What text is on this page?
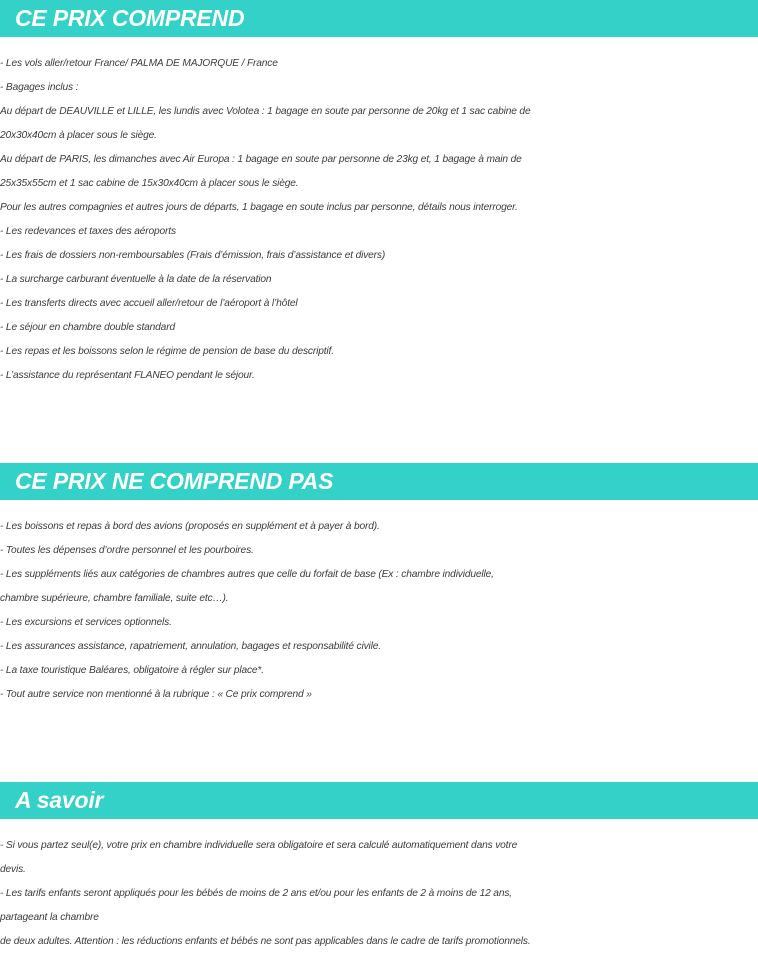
CE PRIX COMPREND
- Les vols aller/retour France/ PALMA DE MAJORQUE / France
- Bagages inclus :
Au départ de DEAUVILLE et LILLE, les lundis avec Volotea : 1 bagage en soute par personne de 20kg et 1 sac cabine de
20x30x40cm à placer sous le siège.
Au départ de PARIS, les dimanches avec Air Europa : 1 bagage en soute par personne de 23kg et, 1 bagage à main de
25x35x55cm et 1 sac cabine de 15x30x40cm à placer sous le siège.
Pour les autres compagnies et autres jours de départs, 1 bagage en soute inclus par personne, détails nous interroger.
- Les redevances et taxes des aéroports
- Les frais de dossiers non-remboursables (Frais d’émission, frais d’assistance et divers)
- La surcharge carburant éventuelle à la date de la réservation
- Les transferts directs avec accueil aller/retour de l’aéroport à l’hôtel
- Le séjour en chambre double standard
- Les repas et les boissons selon le régime de pension de base du descriptif.
- L’assistance du représentant FLANEO pendant le séjour.
CE PRIX NE COMPREND PAS
- Les boissons et repas à bord des avions (proposés en supplément et à payer à bord).
- Toutes les dépenses d’ordre personnel et les pourboires.
- Les suppléments liés aux catégories de chambres autres que celle du forfait de base (Ex : chambre individuelle,
chambre supérieure, chambre familiale, suite etc…).
- Les excursions et services optionnels.
- Les assurances assistance, rapatriement, annulation, bagages et responsabilité civile.
- La taxe touristique Baléares, obligatoire à régler sur place*.
- Tout autre service non mentionné à la rubrique : « Ce prix comprend »
A savoir
- Si vous partez seul(e), votre prix en chambre individuelle sera obligatoire et sera calculé automatiquement dans votre
devis.
- Les tarifs enfants seront appliqués pour les bébés de moins de 2 ans et/ou pour les enfants de 2 à moins de 12 ans,
partageant la chambre
de deux adultes. Attention : les réductions enfants et bébés ne sont pas applicables dans le cadre de tarifs promotionnels.
